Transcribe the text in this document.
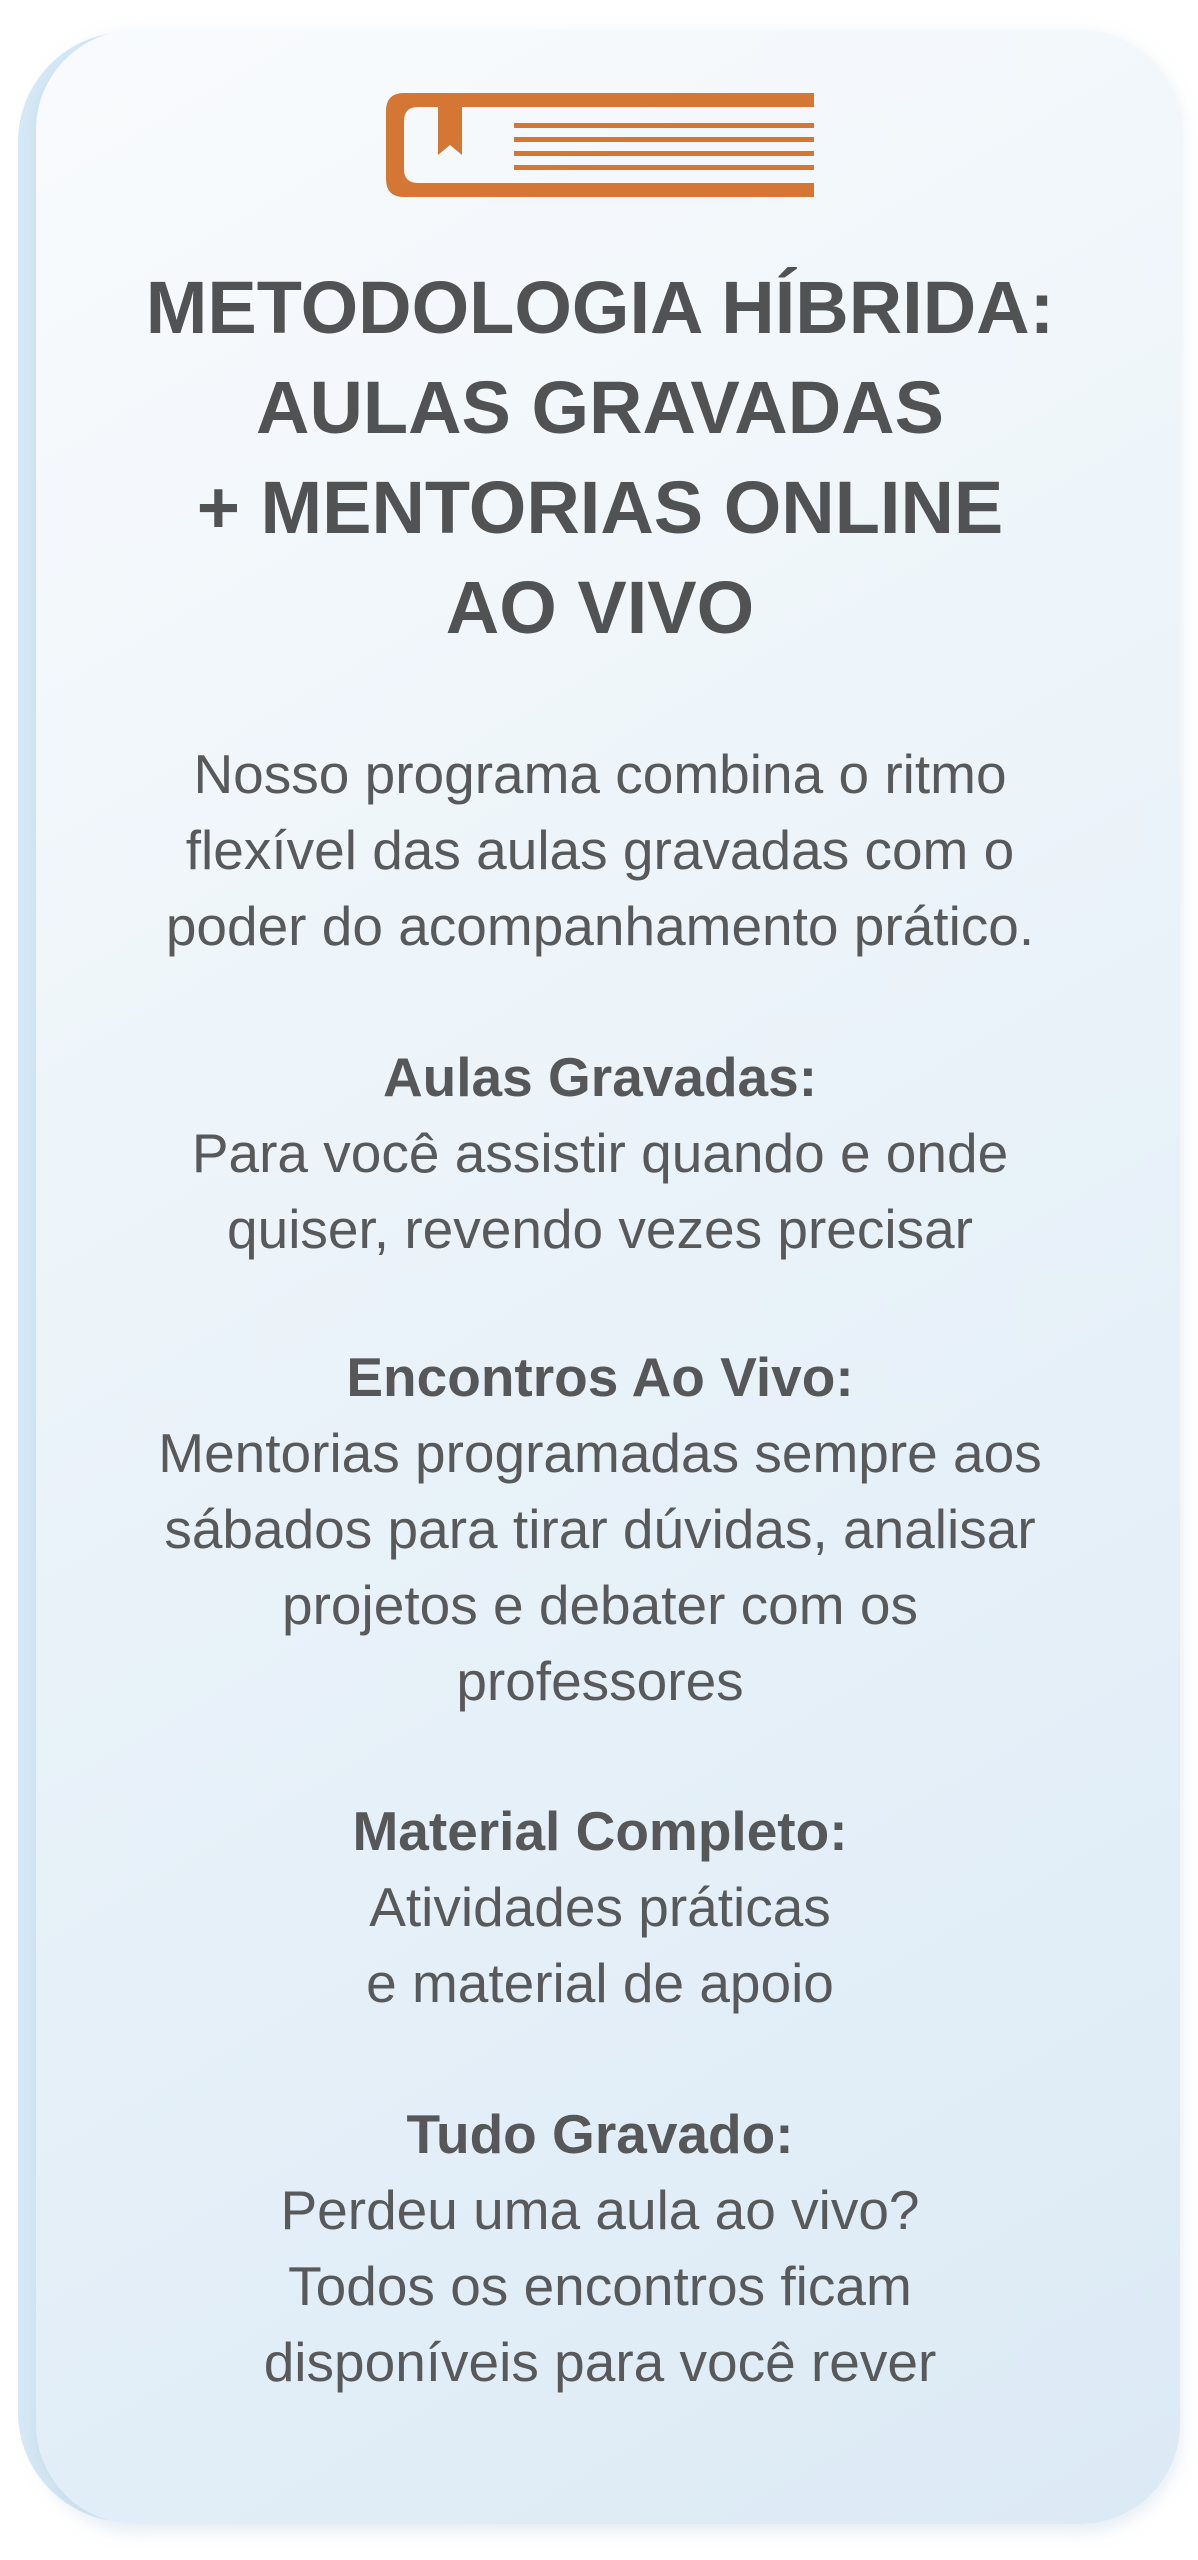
METODOLOGIA HÍBRIDA:
AULAS GRAVADAS
+ MENTORIAS ONLINE
AO VIVO
Nosso programa combina o ritmo
flexível das aulas gravadas com o
poder do acompanhamento prático.
Aulas Gravadas:
Para você assistir quando e onde
quiser, revendo vezes precisar
Encontros Ao Vivo:
Mentorias programadas sempre aos
sábados para tirar dúvidas, analisar
projetos e debater com os
professores
Material Completo:
Atividades práticas
e material de apoio
Tudo Gravado:
Perdeu uma aula ao vivo?
Todos os encontros ficam
disponíveis para você rever
